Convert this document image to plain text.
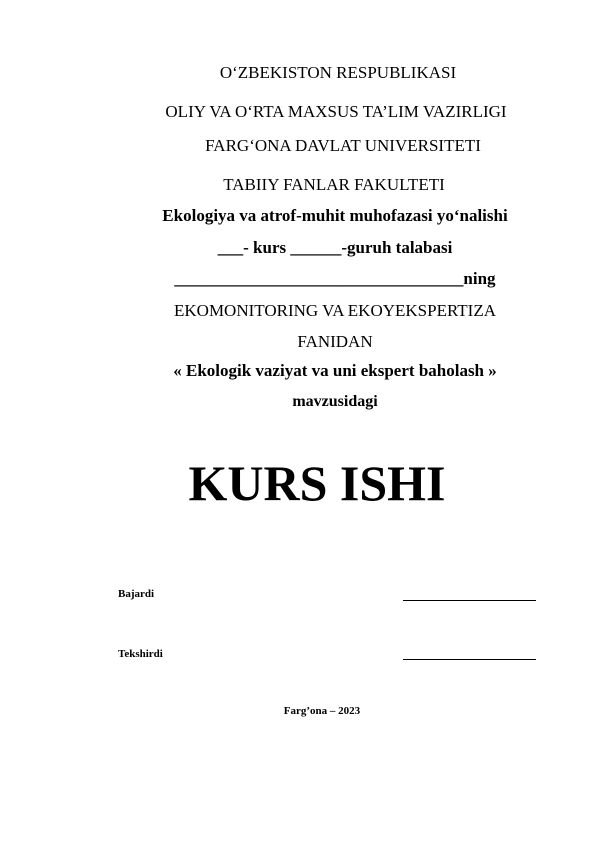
O‘ZBEKISTON RESPUBLIKASI
OLIY VA O‘RTA MAXSUS TA’LIM VAZIRLIGI
FARG‘ONA DAVLAT UNIVERSITETI
TABIIY FANLAR FAKULTETI
Ekologiya va atrof-muhit muhofazasi yo‘nalishi
___- kurs ______-guruh talabasi
__________________________________ning
EKOMONITORING VA EKOYEKSPERTIZA
FANIDAN
« Ekologik vaziyat va uni ekspert baholash »
mavzusidagi
KURS ISHI
Bajardi
Tekshirdi
Farg’ona – 2023
